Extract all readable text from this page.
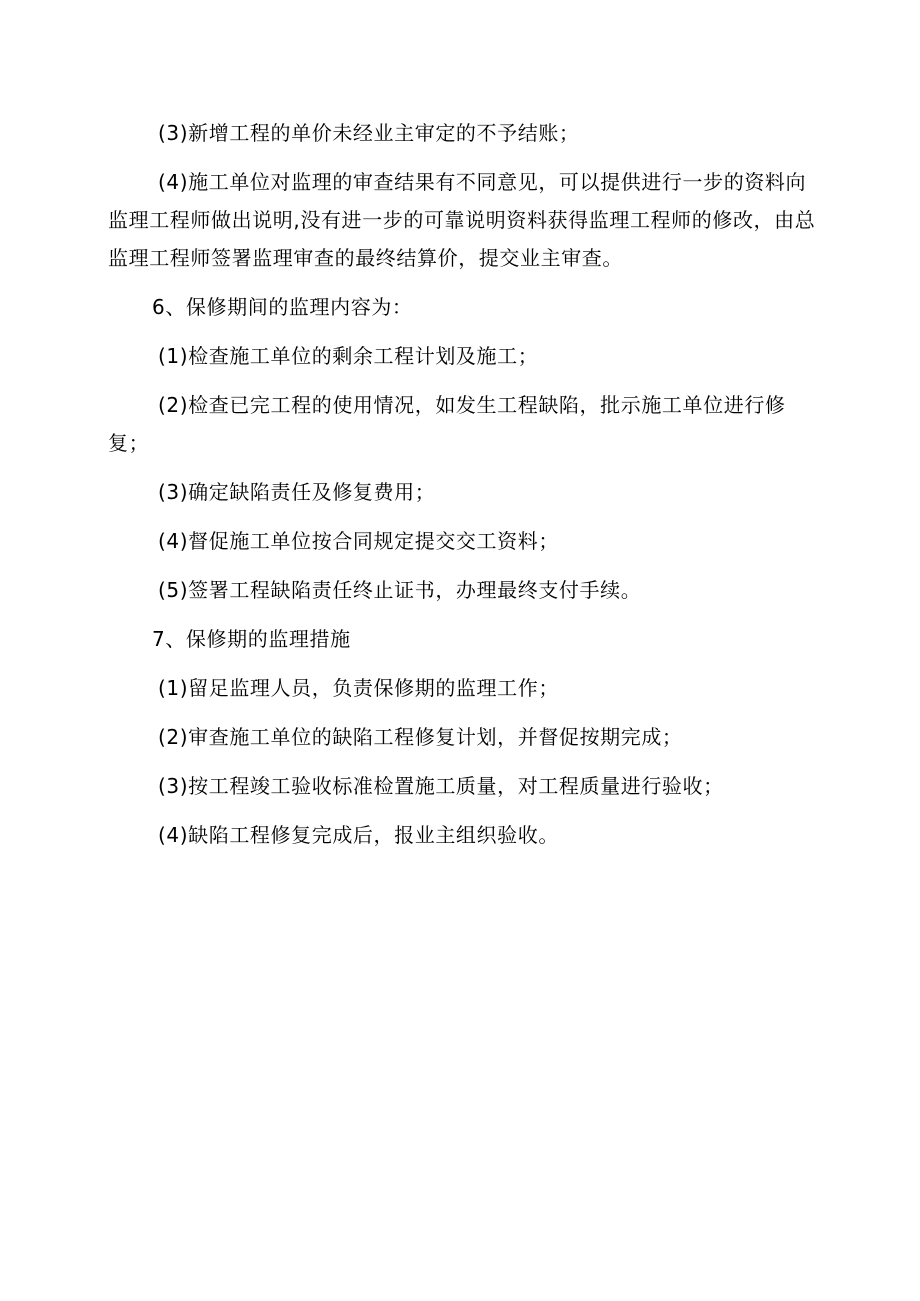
(3)新增工程的单价未经业主审定的不予结账；

(4)施工单位对监理的审查结果有不同意见，可以提供进行一步的资料向监理工程师做出说明,没有进一步的可靠说明资料获得监理工程师的修改，由总监理工程师签署监理审查的最终结算价，提交业主审查。

6、保修期间的监理内容为：

(1)检查施工单位的剩余工程计划及施工；

(2)检查已完工程的使用情况，如发生工程缺陷，批示施工单位进行修复；

(3)确定缺陷责任及修复费用；

(4)督促施工单位按合同规定提交交工资料；

(5)签署工程缺陷责任终止证书，办理最终支付手续。

7、保修期的监理措施

(1)留足监理人员，负责保修期的监理工作；

(2)审查施工单位的缺陷工程修复计划，并督促按期完成；

(3)按工程竣工验收标准检置施工质量，对工程质量进行验收；

(4)缺陷工程修复完成后，报业主组织验收。
